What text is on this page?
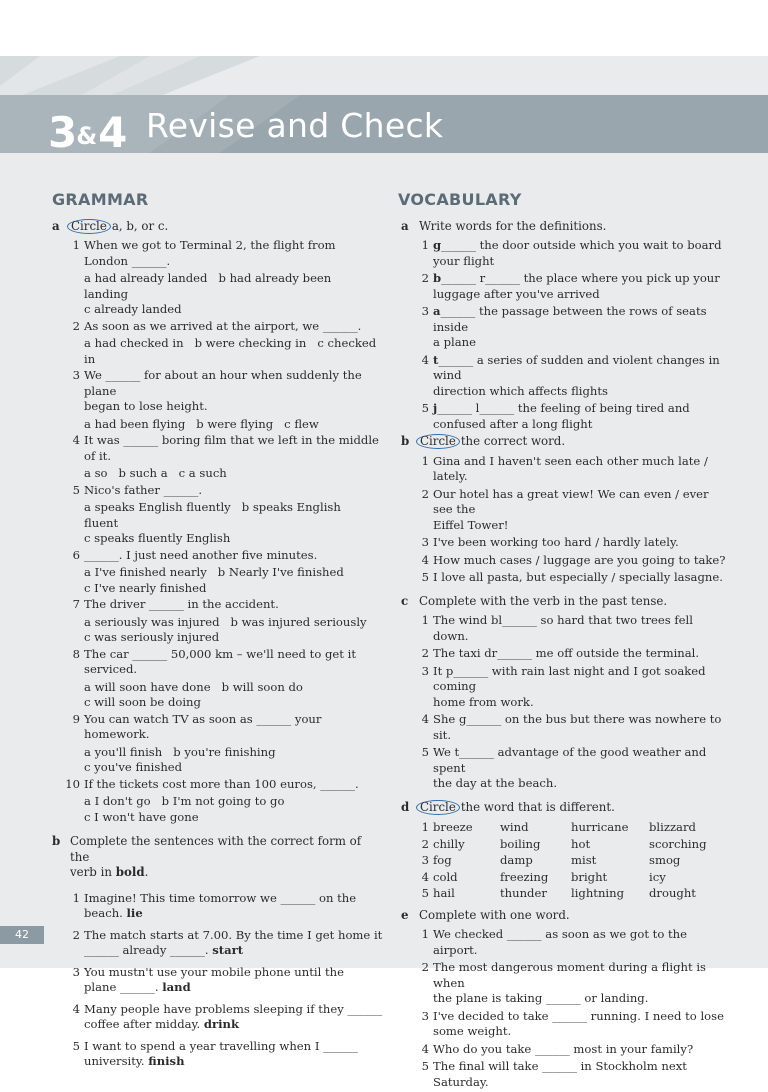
3&4 Revise and Check
GRAMMAR
a Circle a, b, or c.
1 When we got to Terminal 2, the flight from
London ______.
a had already landed b had already been landing
c already landed
2 As soon as we arrived at the airport, we ______.
a had checked in b were checking in c checked in
3 We ______ for about an hour when suddenly the plane
began to lose height.
a had been flying b were flying c flew
4 It was ______ boring film that we left in the middle of it.
a so b such a c a such
5 Nico's father ______.
a speaks English fluently b speaks English fluent
c speaks fluently English
6 ______. I just need another five minutes.
a I've finished nearly b Nearly I've finished
c I've nearly finished
7 The driver ______ in the accident.
a seriously was injured b was injured seriously
c was seriously injured
8 The car ______ 50,000 km – we'll need to get it serviced.
a will soon have done b will soon do
c will soon be doing
9 You can watch TV as soon as ______ your homework.
a you'll finish b you're finishing
c you've finished
10 If the tickets cost more than 100 euros, ______.
a I don't go b I'm not going to go
c I won't have gone
b Complete the sentences with the correct form of the
verb in bold.
1 Imagine! This time tomorrow we ______ on the
beach. lie
2 The match starts at 7.00. By the time I get home it
______ already ______. start
3 You mustn't use your mobile phone until the
plane ______. land
4 Many people have problems sleeping if they ______
coffee after midday. drink
5 I want to spend a year travelling when I ______
university. finish
VOCABULARY
a Write words for the definitions.
1 g______ the door outside which you wait to board
your flight
2 b______ r______ the place where you pick up your
luggage after you've arrived
3 a______ the passage between the rows of seats inside
a plane
4 t______ a series of sudden and violent changes in wind
direction which affects flights
5 j______ l______ the feeling of being tired and
confused after a long flight
b Circle the correct word.
1 Gina and I haven't seen each other much late / lately.
2 Our hotel has a great view! We can even / ever see the
Eiffel Tower!
3 I've been working too hard / hardly lately.
4 How much cases / luggage are you going to take?
5 I love all pasta, but especially / specially lasagne.
c Complete with the verb in the past tense.
1 The wind bl______ so hard that two trees fell down.
2 The taxi dr______ me off outside the terminal.
3 It p______ with rain last night and I got soaked coming
home from work.
4 She g______ on the bus but there was nowhere to sit.
5 We t______ advantage of the good weather and spent
the day at the beach.
d Circle the word that is different.
1	breeze	wind	hurricane	blizzard
2	chilly	boiling	hot	scorching
3	fog	damp	mist	smog
4	cold	freezing	bright	icy
5	hail	thunder	lightning	drought
e Complete with one word.
1 We checked ______ as soon as we got to the airport.
2 The most dangerous moment during a flight is when
the plane is taking ______ or landing.
3 I've decided to take ______ running. I need to lose
some weight.
4 Who do you take ______ most in your family?
5 The final will take ______ in Stockholm next Saturday.
42
